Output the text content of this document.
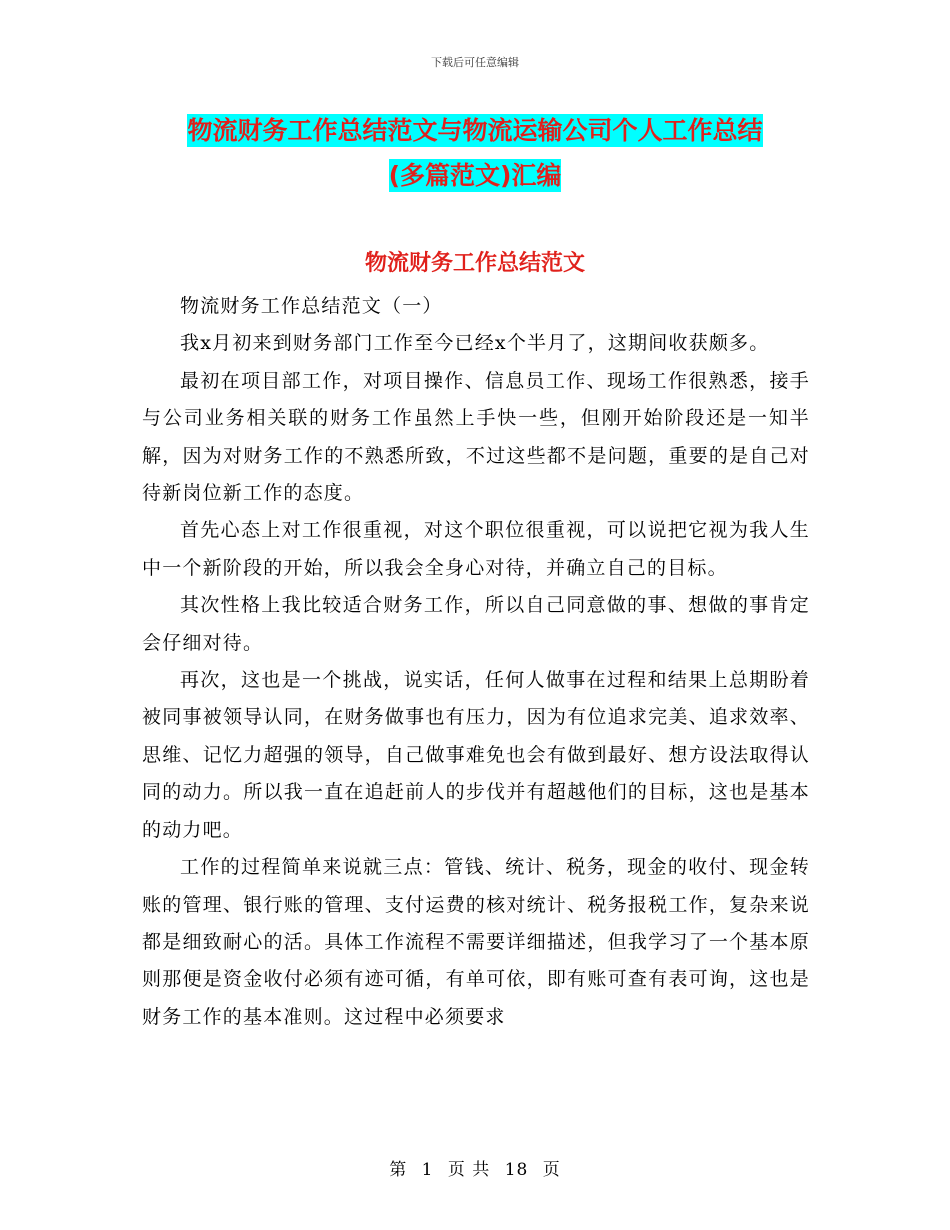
下载后可任意编辑
物流财务工作总结范文与物流运输公司个人工作总结
(多篇范文)汇编
物流财务工作总结范文

物流财务工作总结范文（一）

我x月初来到财务部门工作至今已经x个半月了，这期间收获颇多。

最初在项目部工作，对项目操作、信息员工作、现场工作很熟悉，接手与公司业务相关联的财务工作虽然上手快一些，但刚开始阶段还是一知半解，因为对财务工作的不熟悉所致，不过这些都不是问题，重要的是自己对待新岗位新工作的态度。

首先心态上对工作很重视，对这个职位很重视，可以说把它视为我人生中一个新阶段的开始，所以我会全身心对待，并确立自己的目标。

其次性格上我比较适合财务工作，所以自己同意做的事、想做的事肯定会仔细对待。

再次，这也是一个挑战，说实话，任何人做事在过程和结果上总期盼着被同事被领导认同，在财务做事也有压力，因为有位追求完美、追求效率、思维、记忆力超强的领导，自己做事难免也会有做到最好、想方设法取得认同的动力。所以我一直在追赶前人的步伐并有超越他们的目标，这也是基本的动力吧。

工作的过程简单来说就三点：管钱、统计、税务，现金的收付、现金转账的管理、银行账的管理、支付运费的核对统计、税务报税工作，复杂来说都是细致耐心的活。具体工作流程不需要详细描述，但我学习了一个基本原则那便是资金收付必须有迹可循，有单可依，即有账可查有表可询，这也是财务工作的基本准则。这过程中必须要求

第 1 页 共 18 页
